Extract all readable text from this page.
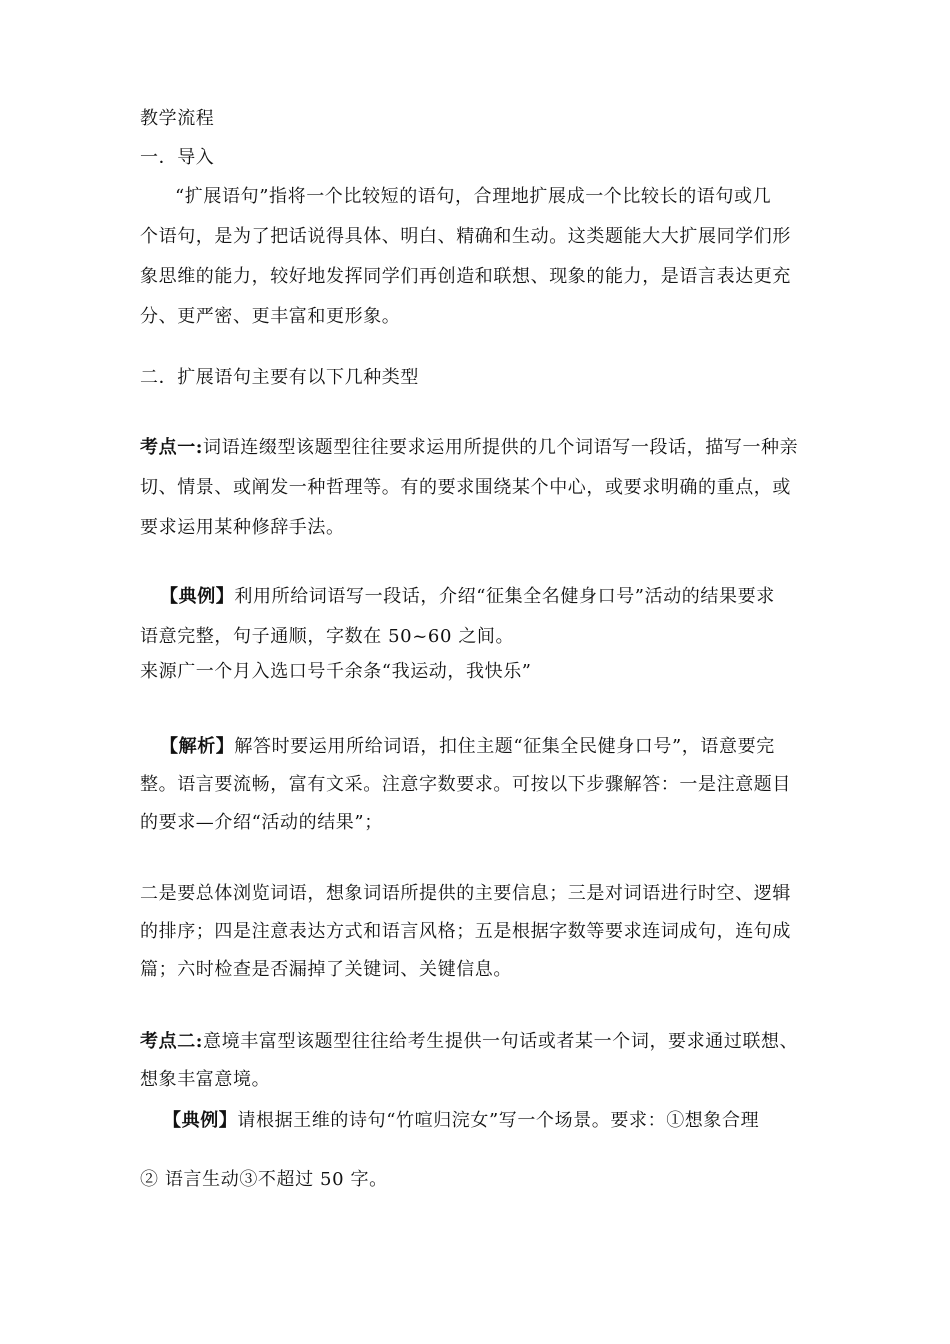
教学流程
一．导入
“扩展语句”指将一个比较短的语句，合理地扩展成一个比较长的语句或几
个语句，是为了把话说得具体、明白、精确和生动。这类题能大大扩展同学们形
象思维的能力，较好地发挥同学们再创造和联想、现象的能力，是语言表达更充
分、更严密、更丰富和更形象。
二．扩展语句主要有以下几种类型
考点一:词语连缀型该题型往往要求运用所提供的几个词语写一段话，描写一种亲
切、情景、或阐发一种哲理等。有的要求围绕某个中心，或要求明确的重点，或
要求运用某种修辞手法。
【典例】利用所给词语写一段话，介绍“征集全名健身口号”活动的结果要求
语意完整，句子通顺，字数在 50~60 之间。
来源广一个月入选口号千余条“我运动，我快乐”
【解析】解答时要运用所给词语，扣住主题“征集全民健身口号”，语意要完
整。语言要流畅，富有文采。注意字数要求。可按以下步骤解答：一是注意题目
的要求—介绍“活动的结果”；
二是要总体浏览词语，想象词语所提供的主要信息；三是对词语进行时空、逻辑
的排序；四是注意表达方式和语言风格；五是根据字数等要求连词成句，连句成
篇；六时检查是否漏掉了关键词、关键信息。
考点二:意境丰富型该题型往往给考生提供一句话或者某一个词，要求通过联想、
想象丰富意境。
【典例】请根据王维的诗句“竹喧归浣女”写一个场景。要求：①想象合理
② 语言生动③不超过 50 字。
